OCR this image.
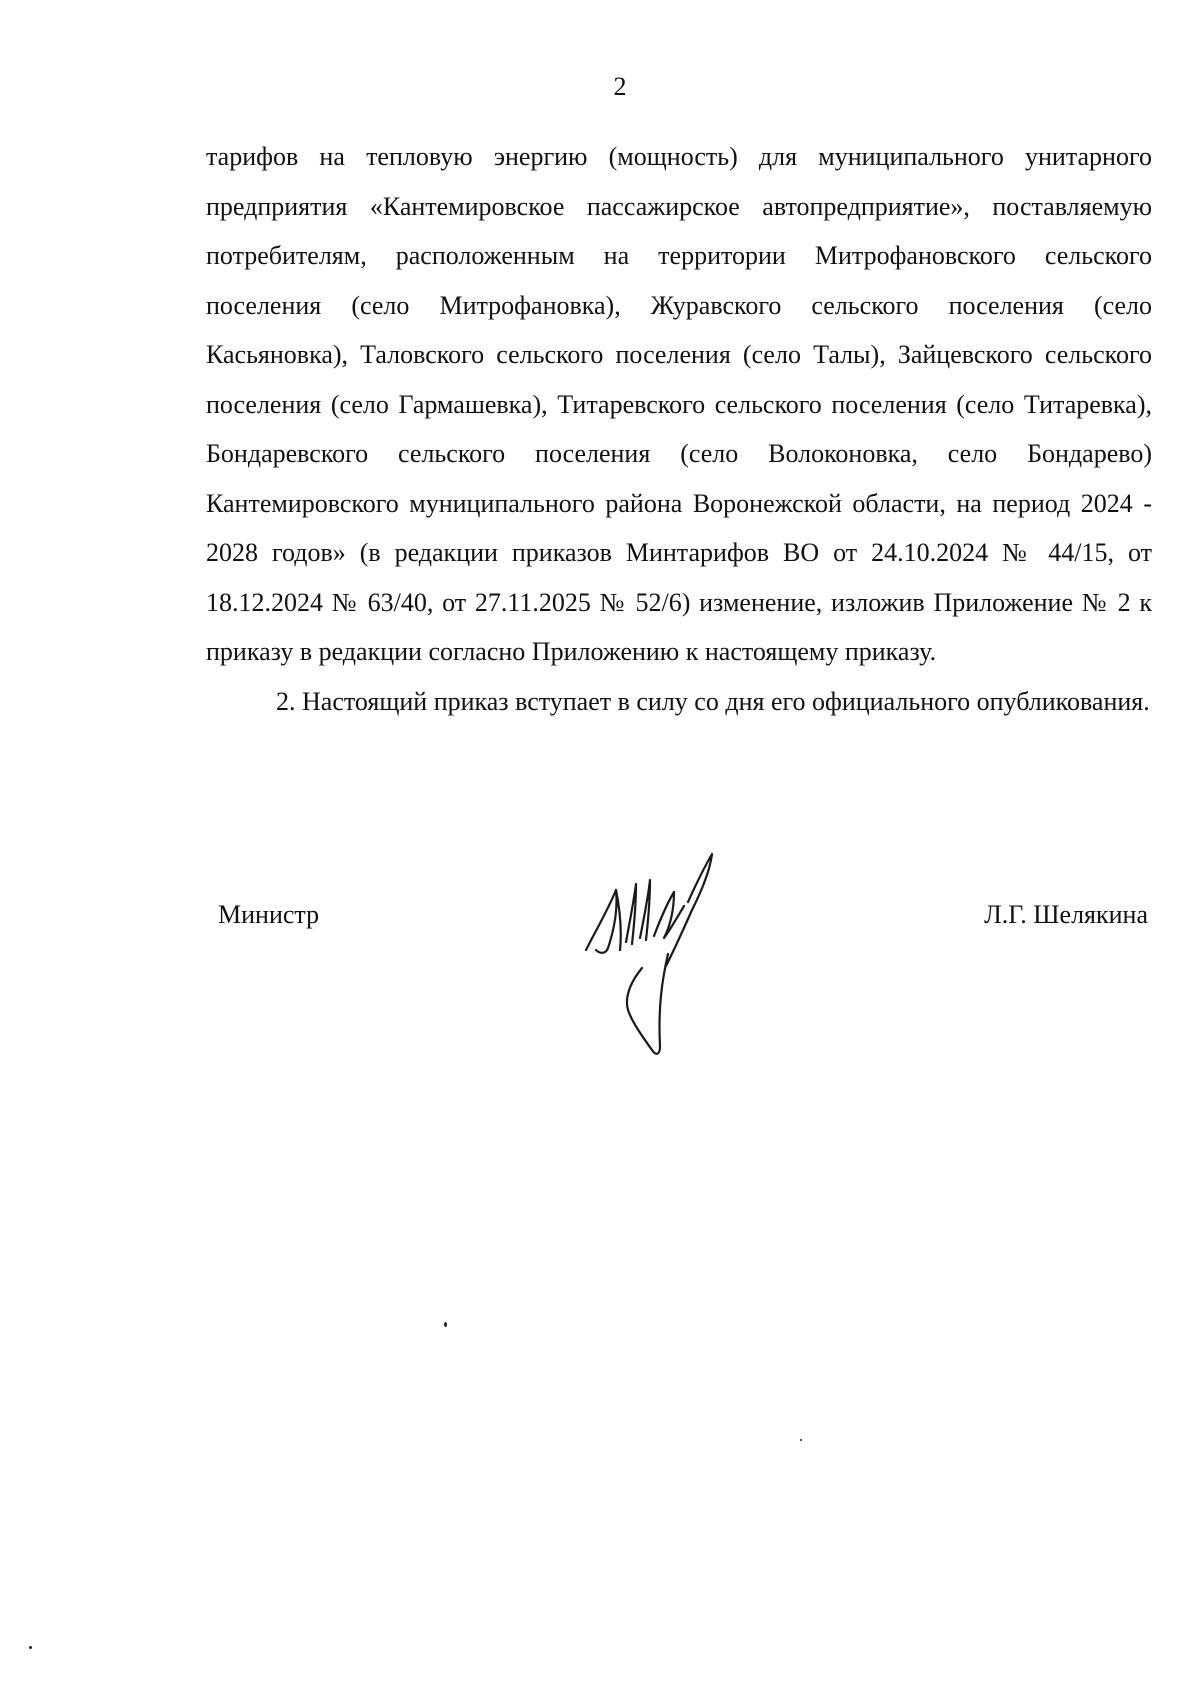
2

тарифов на тепловую энергию (мощность) для муниципального унитарного предприятия «Кантемировское пассажирское автопредприятие», поставляемую потребителям, расположенным на территории Митрофановского сельского поселения (село Митрофановка), Журавского сельского поселения (село Касьяновка), Таловского сельского поселения (село Талы), Зайцевского сельского поселения (село Гармашевка), Титаревского сельского поселения (село Титаревка), Бондаревского сельского поселения (село Волоконовка, село Бондарево) Кантемировского муниципального района Воронежской области, на период 2024 - 2028 годов» (в редакции приказов Минтарифов ВО от 24.10.2024 № 44/15, от 18.12.2024 № 63/40, от 27.11.2025 № 52/6) изменение, изложив Приложение № 2 к приказу в редакции согласно Приложению к настоящему приказу.

2. Настоящий приказ вступает в силу со дня его официального опубликования.

Министр	Л.Г. Шелякина
